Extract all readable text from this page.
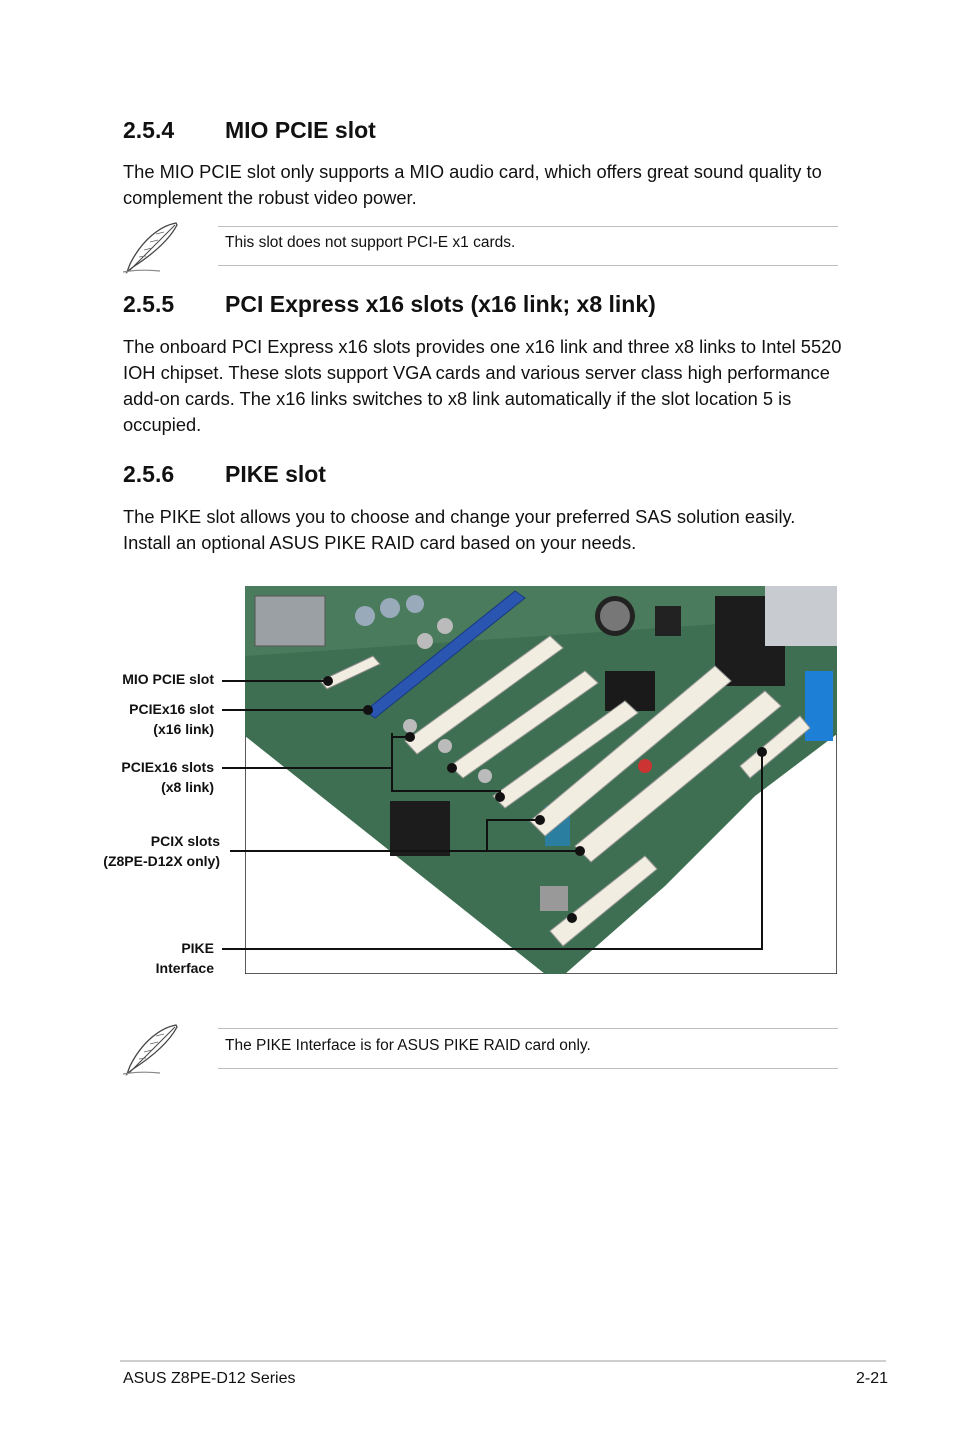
2.5.4 MIO PCIE slot

The MIO PCIE slot only supports a MIO audio card, which offers great sound quality to complement the robust video power.

This slot does not support PCI-E x1 cards.
2.5.5 PCI Express x16 slots (x16 link; x8 link)

The onboard PCI Express x16 slots provides one x16 link and three x8 links to Intel 5520 IOH chipset. These slots support VGA cards and various server class high performance add-on cards. The x16 links switches to x8 link automatically if the slot location 5 is occupied.

2.5.6 PIKE slot

The PIKE slot allows you to choose and change your preferred SAS solution easily. Install an optional ASUS PIKE RAID card based on your needs.

MIO PCIE slot
PCIEx16 slot
(x16 link)
PCIEx16 slots
(x8 link)
PCIX slots
(Z8PE-D12X only)
PIKE
Interface
The PIKE Interface is for ASUS PIKE RAID card only.
ASUS Z8PE-D12 Series	2-21
